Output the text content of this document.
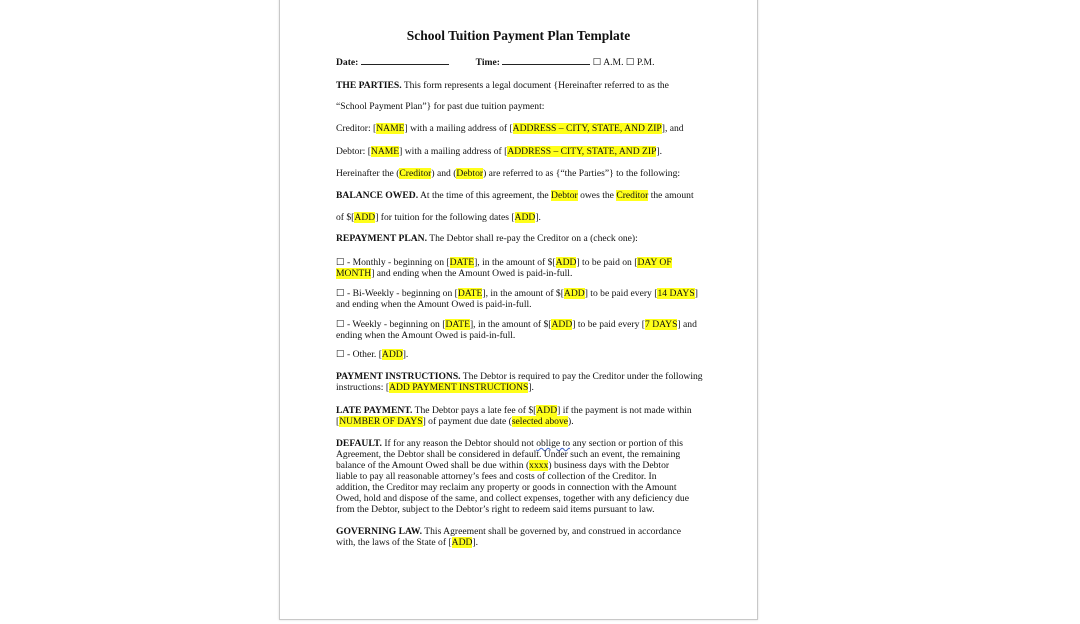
School Tuition Payment Plan Template
Date:	Time:	☐ A.M. ☐ P.M.
THE PARTIES. This form represents a legal document {Hereinafter referred to as the
“School Payment Plan”} for past due tuition payment:
Creditor: [NAME] with a mailing address of [ADDRESS – CITY, STATE, AND ZIP], and
Debtor: [NAME] with a mailing address of [ADDRESS – CITY, STATE, AND ZIP].
Hereinafter the (Creditor) and (Debtor) are referred to as {“the Parties”} to the following:
BALANCE OWED. At the time of this agreement, the Debtor owes the Creditor the amount
of $[ADD] for tuition for the following dates [ADD].
REPAYMENT PLAN. The Debtor shall re-pay the Creditor on a (check one):
☐ - Monthly - beginning on [DATE], in the amount of $[ADD] to be paid on [DAY OF
MONTH] and ending when the Amount Owed is paid-in-full.
☐ - Bi-Weekly - beginning on [DATE], in the amount of $[ADD] to be paid every [14 DAYS]
and ending when the Amount Owed is paid-in-full.
☐ - Weekly - beginning on [DATE], in the amount of $[ADD] to be paid every [7 DAYS] and
ending when the Amount Owed is paid-in-full.
☐ - Other. [ADD].
PAYMENT INSTRUCTIONS. The Debtor is required to pay the Creditor under the following
instructions: [ADD PAYMENT INSTRUCTIONS].
LATE PAYMENT. The Debtor pays a late fee of $[ADD] if the payment is not made within
[NUMBER OF DAYS] of payment due date (selected above).
DEFAULT. If for any reason the Debtor should not oblige to any section or portion of this
Agreement, the Debtor shall be considered in default. Under such an event, the remaining
balance of the Amount Owed shall be due within (xxxx) business days with the Debtor
liable to pay all reasonable attorney’s fees and costs of collection of the Creditor. In
addition, the Creditor may reclaim any property or goods in connection with the Amount
Owed, hold and dispose of the same, and collect expenses, together with any deficiency due
from the Debtor, subject to the Debtor’s right to redeem said items pursuant to law.
GOVERNING LAW. This Agreement shall be governed by, and construed in accordance
with, the laws of the State of [ADD].
